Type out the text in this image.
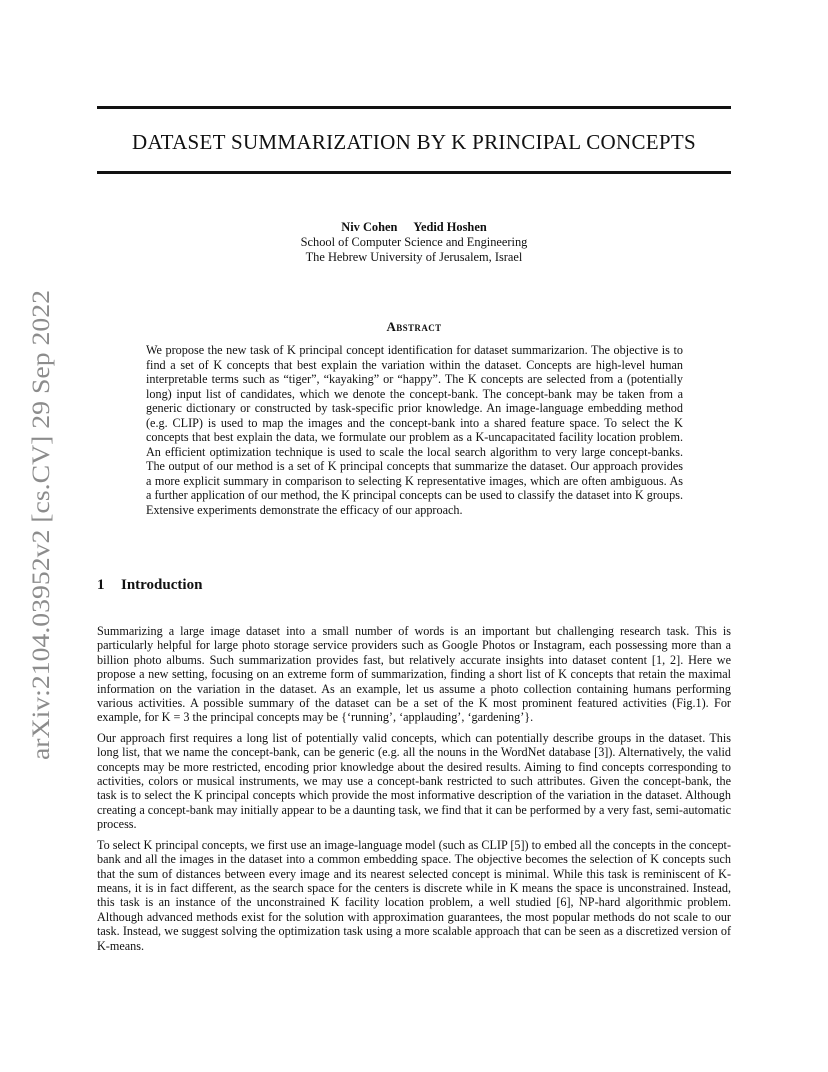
arXiv:2104.03952v2 [cs.CV] 29 Sep 2022
DATASET SUMMARIZATION BY K PRINCIPAL CONCEPTS
Niv Cohen Yedid Hoshen
School of Computer Science and Engineering
The Hebrew University of Jerusalem, Israel
Abstract
We propose the new task of K principal concept identification for dataset summarizarion. The objective is to find a set of K concepts that best explain the variation within the dataset. Concepts are high-level human interpretable terms such as “tiger”, “kayaking” or “happy”. The K concepts are selected from a (potentially long) input list of candidates, which we denote the concept-bank. The concept-bank may be taken from a generic dictionary or constructed by task-specific prior knowledge. An image-language embedding method (e.g. CLIP) is used to map the images and the concept-bank into a shared feature space. To select the K concepts that best explain the data, we formulate our problem as a K-uncapacitated facility location problem. An efficient optimization technique is used to scale the local search algorithm to very large concept-banks. The output of our method is a set of K principal concepts that summarize the dataset. Our approach provides a more explicit summary in comparison to selecting K representative images, which are often ambiguous. As a further application of our method, the K principal concepts can be used to classify the dataset into K groups. Extensive experiments demonstrate the efficacy of our approach.
1 Introduction

Summarizing a large image dataset into a small number of words is an important but challenging research task. This is particularly helpful for large photo storage service providers such as Google Photos or Instagram, each possessing more than a billion photo albums. Such summarization provides fast, but relatively accurate insights into dataset content [1, 2]. Here we propose a new setting, focusing on an extreme form of summarization, finding a short list of K concepts that retain the maximal information on the variation in the dataset. As an example, let us assume a photo collection containing humans performing various activities. A possible summary of the dataset can be a set of the K most prominent featured activities (Fig.1). For example, for K = 3 the principal concepts may be {‘running’, ‘applauding’, ‘gardening’}.

Our approach first requires a long list of potentially valid concepts, which can potentially describe groups in the dataset. This long list, that we name the concept-bank, can be generic (e.g. all the nouns in the WordNet database [3]). Alternatively, the valid concepts may be more restricted, encoding prior knowledge about the desired results. Aiming to find concepts corresponding to activities, colors or musical instruments, we may use a concept-bank restricted to such attributes. Given the concept-bank, the task is to select the K principal concepts which provide the most informative description of the variation in the dataset. Although creating a concept-bank may initially appear to be a daunting task, we find that it can be performed by a very fast, semi-automatic process.

To select K principal concepts, we first use an image-language model (such as CLIP [5]) to embed all the concepts in the concept-bank and all the images in the dataset into a common embedding space. The objective becomes the selection of K concepts such that the sum of distances between every image and its nearest selected concept is minimal. While this task is reminiscent of K-means, it is in fact different, as the search space for the centers is discrete while in K means the space is unconstrained. Instead, this task is an instance of the unconstrained K facility location problem, a well studied [6], NP-hard algorithmic problem. Although advanced methods exist for the solution with approximation guarantees, the most popular methods do not scale to our task. Instead, we suggest solving the optimization task using a more scalable approach that can be seen as a discretized version of K-means.
